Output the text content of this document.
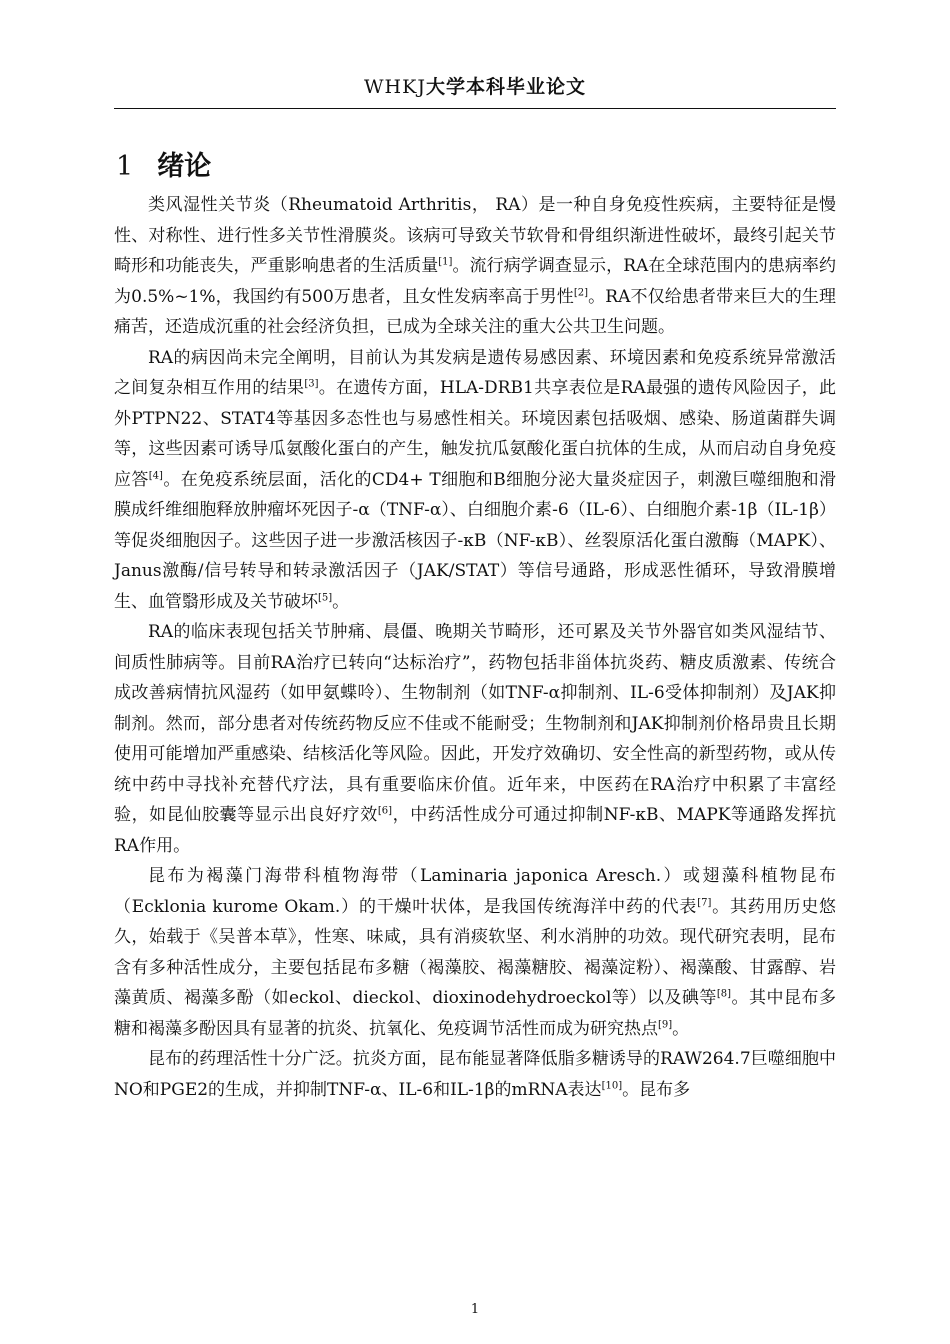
WHKJ大学本科毕业论文
1 绪论

类风湿性关节炎（Rheumatoid Arthritis， RA）是一种自身免疫性疾病，主要特征是慢性、对称性、进行性多关节性滑膜炎。该病可导致关节软骨和骨组织渐进性破坏，最终引起关节畸形和功能丧失，严重影响患者的生活质量[1]。流行病学调查显示，RA在全球范围内的患病率约为0.5%~1%，我国约有500万患者，且女性发病率高于男性[2]。RA不仅给患者带来巨大的生理痛苦，还造成沉重的社会经济负担，已成为全球关注的重大公共卫生问题。

RA的病因尚未完全阐明，目前认为其发病是遗传易感因素、环境因素和免疫系统异常激活之间复杂相互作用的结果[3]。在遗传方面，HLA-DRB1共享表位是RA最强的遗传风险因子，此外PTPN22、STAT4等基因多态性也与易感性相关。环境因素包括吸烟、感染、肠道菌群失调等，这些因素可诱导瓜氨酸化蛋白的产生，触发抗瓜氨酸化蛋白抗体的生成，从而启动自身免疫应答[4]。在免疫系统层面，活化的CD4+ T细胞和B细胞分泌大量炎症因子，刺激巨噬细胞和滑膜成纤维细胞释放肿瘤坏死因子-α（TNF-α）、白细胞介素-6（IL-6）、白细胞介素-1β（IL-1β）等促炎细胞因子。这些因子进一步激活核因子-κB（NF-κB）、丝裂原活化蛋白激酶（MAPK）、Janus激酶/信号转导和转录激活因子（JAK/STAT）等信号通路，形成恶性循环，导致滑膜增生、血管翳形成及关节破坏[5]。

RA的临床表现包括关节肿痛、晨僵、晚期关节畸形，还可累及关节外器官如类风湿结节、间质性肺病等。目前RA治疗已转向“达标治疗”，药物包括非甾体抗炎药、糖皮质激素、传统合成改善病情抗风湿药（如甲氨蝶呤）、生物制剂（如TNF-α抑制剂、IL-6受体抑制剂）及JAK抑制剂。然而，部分患者对传统药物反应不佳或不能耐受；生物制剂和JAK抑制剂价格昂贵且长期使用可能增加严重感染、结核活化等风险。因此，开发疗效确切、安全性高的新型药物，或从传统中药中寻找补充替代疗法，具有重要临床价值。近年来，中医药在RA治疗中积累了丰富经验，如昆仙胶囊等显示出良好疗效[6]，中药活性成分可通过抑制NF-κB、MAPK等通路发挥抗RA作用。

昆布为褐藻门海带科植物海带（Laminaria japonica Aresch.）或翅藻科植物昆布（Ecklonia kurome Okam.）的干燥叶状体，是我国传统海洋中药的代表[7]。其药用历史悠久，始载于《吴普本草》，性寒、味咸，具有消痰软坚、利水消肿的功效。现代研究表明，昆布含有多种活性成分，主要包括昆布多糖（褐藻胶、褐藻糖胶、褐藻淀粉）、褐藻酸、甘露醇、岩藻黄质、褐藻多酚（如eckol、dieckol、dioxinodehydroeckol等）以及碘等[8]。其中昆布多糖和褐藻多酚因具有显著的抗炎、抗氧化、免疫调节活性而成为研究热点[9]。

昆布的药理活性十分广泛。抗炎方面，昆布能显著降低脂多糖诱导的RAW264.7巨噬细胞中NO和PGE2的生成，并抑制TNF-α、IL-6和IL-1β的mRNA表达[10]。昆布多

1
